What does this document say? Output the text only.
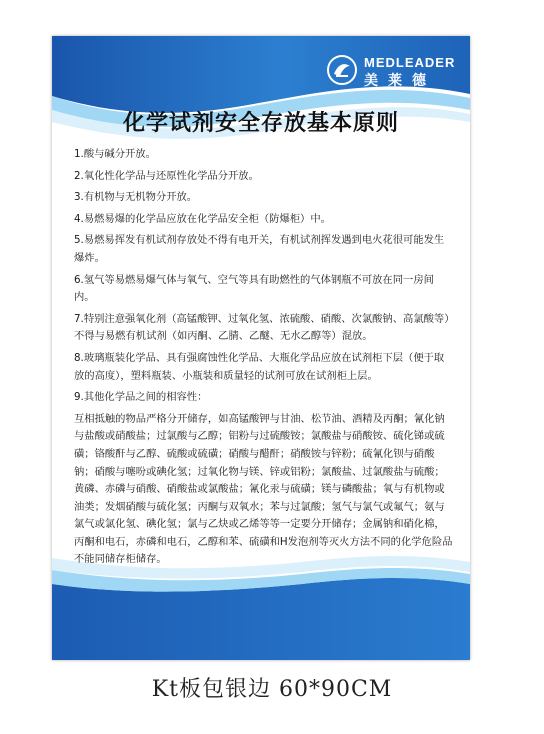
MEDLEADER
美莱德
化学试剂安全存放基本原则
1.酸与碱分开放。
2.氧化性化学品与还原性化学品分开放。
3.有机物与无机物分开放。
4.易燃易爆的化学品应放在化学品安全柜（防爆柜）中。
5.易燃易挥发有机试剂存放处不得有电开关，有机试剂挥发遇到电火花很可能发生爆炸。
6.氢气等易燃易爆气体与氧气、空气等具有助燃性的气体钢瓶不可放在同一房间内。
7.特别注意强氧化剂（高锰酸钾、过氧化氢、浓硫酸、硝酸、次氯酸钠、高氯酸等）不得与易燃有机试剂（如丙酮、乙腈、乙醚、无水乙醇等）混放。
8.玻璃瓶装化学品、具有强腐蚀性化学品、大瓶化学品应放在试剂柜下层（便于取放的高度），塑料瓶装、小瓶装和质量轻的试剂可放在试剂柜上层。
9.其他化学品之间的相容性：
互相抵触的物品严格分开储存，如高锰酸钾与甘油、松节油、酒精及丙酮；氰化钠与盐酸或硝酸盐；过氯酸与乙醇；铝粉与过硫酸铵；氯酸盐与硝酸铵、硫化锑或硫磺；铬酸酐与乙醇、硫酸或硫磺；硝酸与醋酐；硝酸铵与锌粉；硫氰化钡与硝酸钠；硝酸与噻吩或碘化氢；过氧化物与镁、锌或铝粉；氯酸盐、过氯酸盐与硫酸；黄磷、赤磷与硝酸、硝酸盐或氯酸盐；氰化汞与硫磺；镁与磷酸盐；氧与有机物或油类；发烟硝酸与硫化氢；丙酮与双氧水；苯与过氯酸；氢气与氯气或氟气；氨与氯气或氯化氢、碘化氢；氯与乙炔或乙烯等等一定要分开储存；金属钠和硝化棉，丙酮和电石，赤磷和电石，乙醇和苯、硫磺和H发泡剂等灭火方法不同的化学危险品不能同储存柜储存。
Kt板包银边 60*90CM
